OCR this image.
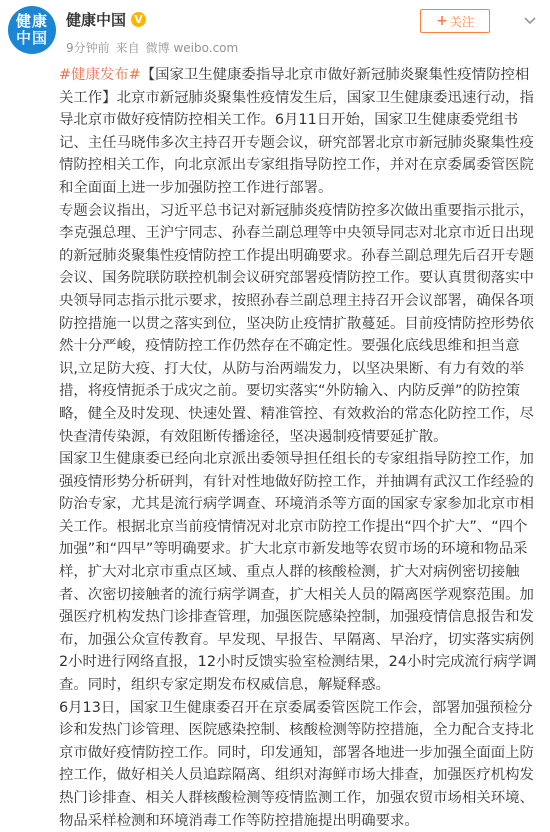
健康
中国
健康中国 V
9分钟前 来自 微博 weibo.com
+ 关注

#健康发布#【国家卫生健康委指导北京市做好新冠肺炎聚集性疫情防控相关工作】北京市新冠肺炎聚集性疫情发生后，国家卫生健康委迅速行动，指导北京市做好疫情防控相关工作。6月11日开始，国家卫生健康委党组书记、主任马晓伟多次主持召开专题会议，研究部署北京市新冠肺炎聚集性疫情防控相关工作，向北京派出专家组指导防控工作，并对在京委属委管医院和全面面上进一步加强防控工作进行部署。

专题会议指出，习近平总书记对新冠肺炎疫情防控多次做出重要指示批示，李克强总理、王沪宁同志、孙春兰副总理等中央领导同志对北京市近日出现的新冠肺炎聚集性疫情防控工作提出明确要求。孙春兰副总理先后召开专题会议、国务院联防联控机制会议研究部署疫情防控工作。要认真贯彻落实中央领导同志指示批示要求，按照孙春兰副总理主持召开会议部署，确保各项防控措施一以贯之落实到位，坚决防止疫情扩散蔓延。目前疫情防控形势依然十分严峻，疫情防控工作仍然存在不确定性。要强化底线思维和担当意识,立足防大疫、打大仗，从防与治两端发力，以坚决果断、有力有效的举措，将疫情扼杀于成灾之前。要切实落实“外防输入、内防反弹”的防控策略，健全及时发现、快速处置、精准管控、有效救治的常态化防控工作，尽快查清传染源，有效阻断传播途径，坚决遏制疫情要延扩散。

国家卫生健康委已经向北京派出委领导担任组长的专家组指导防控工作，加强疫情形势分析研判，有针对性地做好防控工作，并抽调有武汉工作经验的防治专家，尤其是流行病学调查、环境消杀等方面的国家专家参加北京市相关工作。根据北京当前疫情情况对北京市防控工作提出“四个扩大”、“四个加强”和“四早”等明确要求。扩大北京市新发地等农贸市场的环境和物品采样，扩大对北京市重点区域、重点人群的核酸检测，扩大对病例密切接触者、次密切接触者的流行病学调查，扩大相关人员的隔离医学观察范围。加强医疗机构发热门诊排查管理，加强医院感染控制，加强疫情信息报告和发布，加强公众宣传教育。早发现、早报告、早隔离、早治疗，切实落实病例2小时进行网络直报，12小时反馈实验室检测结果，24小时完成流行病学调查。同时，组织专家定期发布权威信息，解疑释惑。

6月13日，国家卫生健康委召开在京委属委管医院工作会，部署加强预检分诊和发热门诊管理、医院感染控制、核酸检测等防控措施，全力配合支持北京市做好疫情防控工作。同时，印发通知，部署各地进一步加强全面面上防控工作，做好相关人员追踪隔离、组织对海鲜市场大排查，加强医疗机构发热门诊排查、相关人群核酸检测等疫情监测工作，加强农贸市场相关环境、物品采样检测和环境消毒工作等防控措施提出明确要求。
